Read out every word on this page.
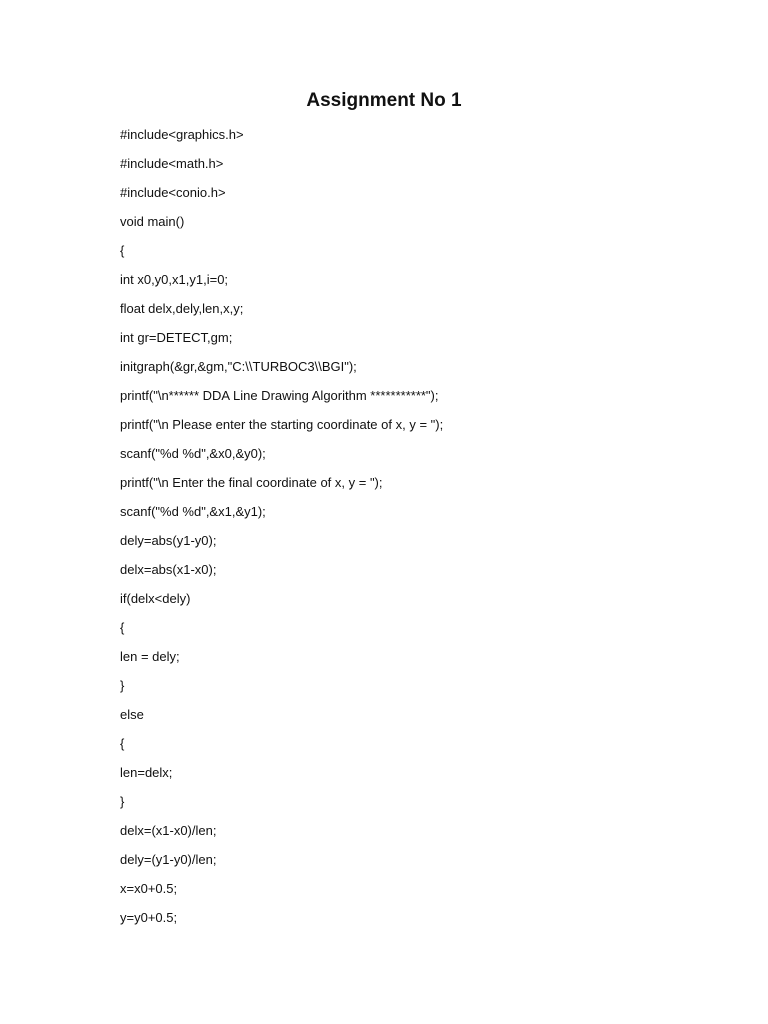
Assignment No 1
#include<graphics.h>
#include<math.h>
#include<conio.h>
void main()
{
int x0,y0,x1,y1,i=0;
float delx,dely,len,x,y;
int gr=DETECT,gm;
initgraph(&gr,&gm,"C:\\TURBOC3\\BGI");
printf("\n****** DDA Line Drawing Algorithm ***********");
printf("\n Please enter the starting coordinate of x, y = ");
scanf("%d %d",&x0,&y0);
printf("\n Enter the final coordinate of x, y = ");
scanf("%d %d",&x1,&y1);
dely=abs(y1-y0);
delx=abs(x1-x0);
if(delx<dely)
{
len = dely;
}
else
{
len=delx;
}
delx=(x1-x0)/len;
dely=(y1-y0)/len;
x=x0+0.5;
y=y0+0.5;
